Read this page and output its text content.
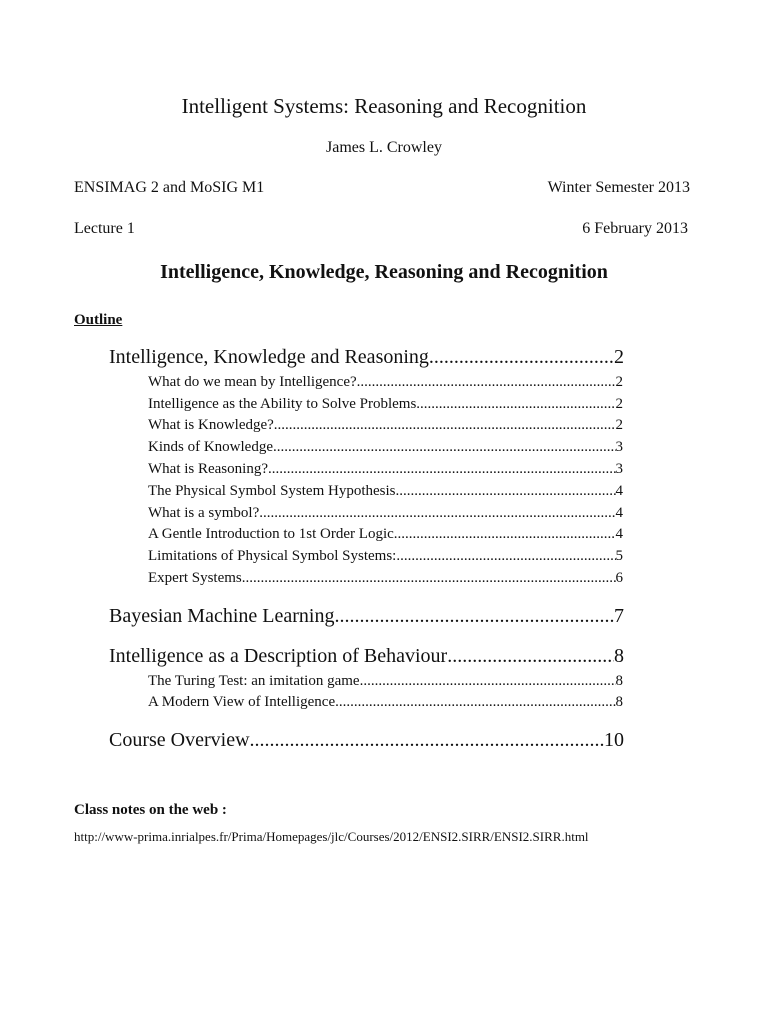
Intelligent Systems: Reasoning and Recognition
James L. Crowley
ENSIMAG 2 and MoSIG M1	Winter Semester 2013
Lecture 1	6 February 2013
Intelligence, Knowledge, Reasoning and Recognition
Outline
Intelligence, Knowledge and Reasoning .....	2
What do we mean by Intelligence? .....	2
Intelligence as the Ability to Solve Problems .....	2
What is Knowledge? .....	2
Kinds of Knowledge .....	3
What is Reasoning? .....	3
The Physical Symbol System Hypothesis .....	4
What is a symbol? .....	4
A Gentle Introduction to 1st Order Logic .....	4
Limitations of Physical Symbol Systems: .....	5
Expert Systems .....	6
Bayesian Machine Learning .....	7
Intelligence as a Description of Behaviour .....	8
The Turing Test: an imitation game .....	8
A Modern View of Intelligence .....	8
Course Overview .....	10
Class notes on the web :
http://www-prima.inrialpes.fr/Prima/Homepages/jlc/Courses/2012/ENSI2.SIRR/ENSI2.SIRR.html
